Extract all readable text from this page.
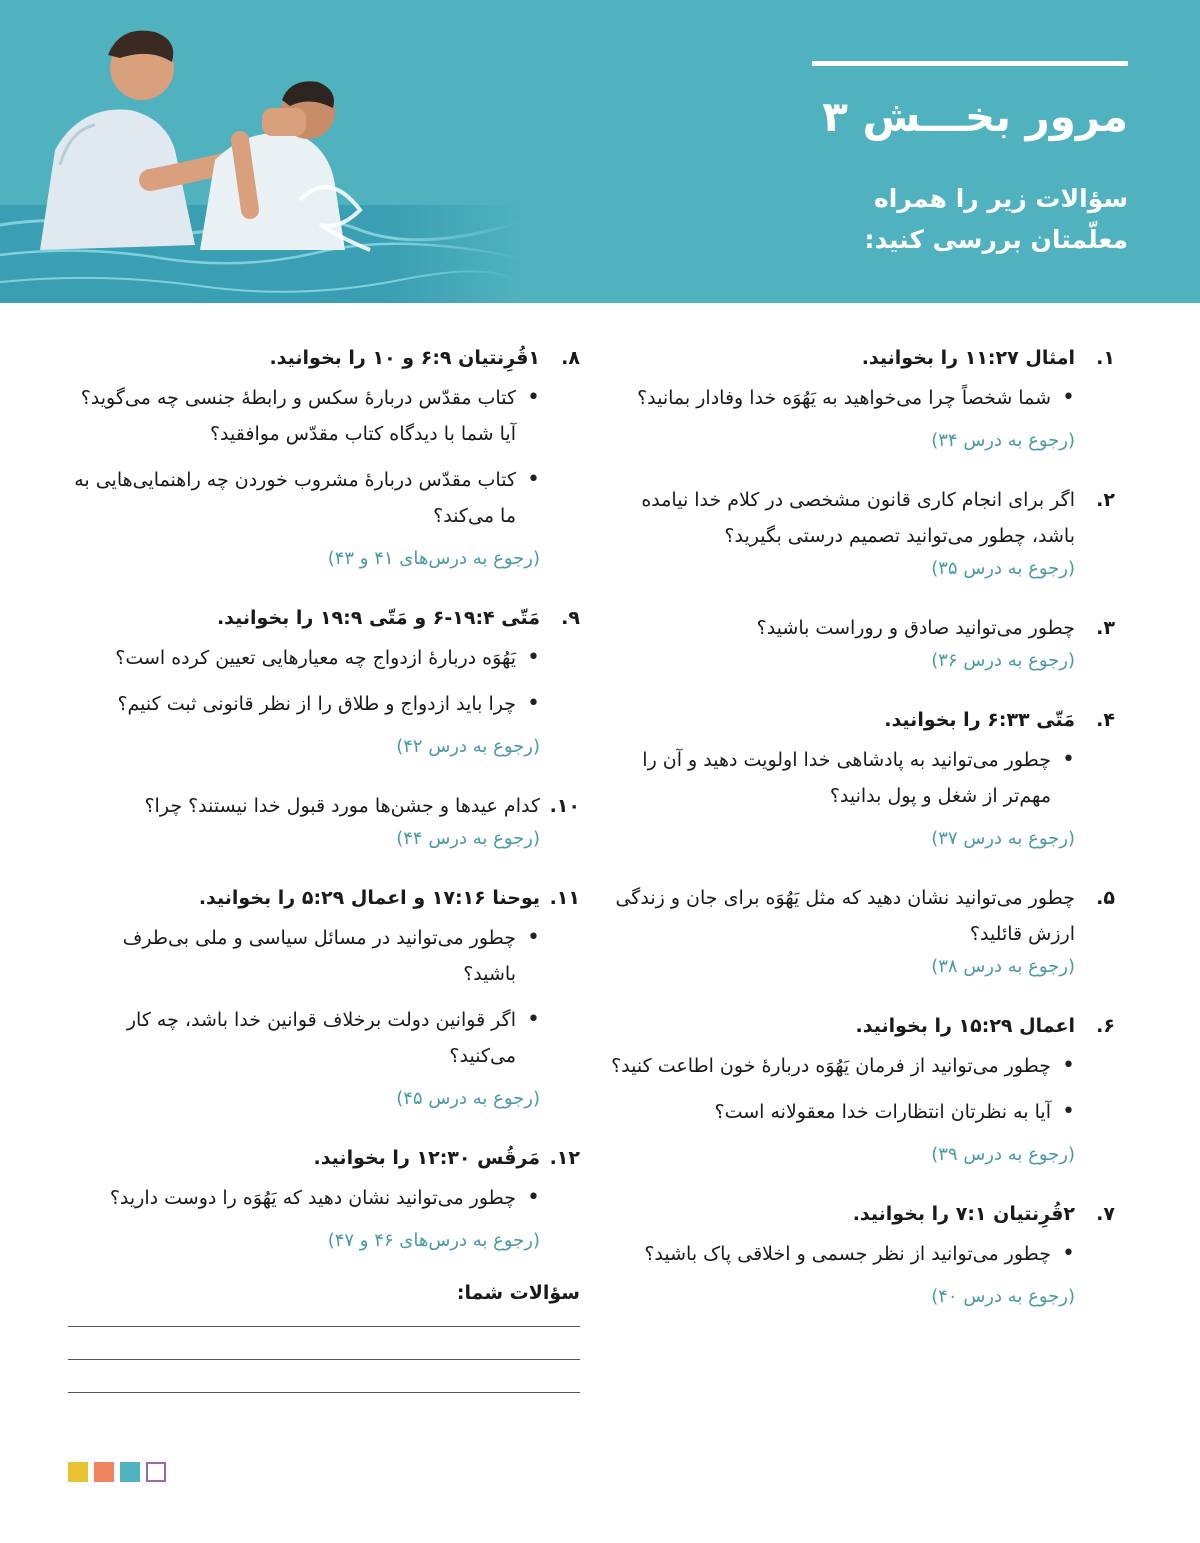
مرور بخـــش ۳
سؤالات زیر را همراه معلّمتان بررسی کنید:
۱.
امثال ۱۱:۲۷ را بخوانید.
• شما شخصاً چرا می‌خواهید به یَهُوَه خدا وفادار بمانید؟
(رجوع به درس ۳۴)
۲.
اگر برای انجام کاری قانون مشخصی در کلام خدا نیامده باشد، چطور می‌توانید تصمیم درستی بگیرید؟
(رجوع به درس ۳۵)
۳.
چطور می‌توانید صادق و روراست باشید؟
(رجوع به درس ۳۶)
۴.
مَتّی ۶:۳۳ را بخوانید.
• چطور می‌توانید به پادشاهی خدا اولویت دهید و آن را مهم‌تر از شغل و پول بدانید؟
(رجوع به درس ۳۷)
۵.
چطور می‌توانید نشان دهید که مثل یَهُوَه برای جان و زندگی ارزش قائلید؟
(رجوع به درس ۳۸)
۶.
اعمال ۱۵:۲۹ را بخوانید.
• چطور می‌توانید از فرمان یَهُوَه دربارهٔ خون اطاعت کنید؟
• آیا به نظرتان انتظارات خدا معقولانه است؟
(رجوع به درس ۳۹)
۷.
۲قُرِنتیان ۷:۱ را بخوانید.
• چطور می‌توانید از نظر جسمی و اخلاقی پاک باشید؟
(رجوع به درس ۴۰)
۸.
۱قُرِنتیان ۶:۹ و ۱۰ را بخوانید.
• کتاب مقدّس دربارهٔ سکس و رابطهٔ جنسی چه می‌گوید؟ آیا شما با دیدگاه کتاب مقدّس موافقید؟
• کتاب مقدّس دربارهٔ مشروب خوردن چه راهنمایی‌هایی به ما می‌کند؟
(رجوع به درس‌های ۴۱ و ۴۳)
۹.
مَتّی ۱۹:۴-۶ و مَتّی ۱۹:۹ را بخوانید.
• یَهُوَه دربارهٔ ازدواج چه معیارهایی تعیین کرده است؟
• چرا باید ازدواج و طلاق را از نظر قانونی ثبت کنیم؟
(رجوع به درس ۴۲)
۱۰.
کدام عیدها و جشن‌ها مورد قبول خدا نیستند؟ چرا؟
(رجوع به درس ۴۴)
۱۱.
یوحنا ۱۷:۱۶ و اعمال ۵:۲۹ را بخوانید.
• چطور می‌توانید در مسائل سیاسی و ملی بی‌طرف باشید؟
• اگر قوانین دولت برخلاف قوانین خدا باشد، چه کار می‌کنید؟
(رجوع به درس ۴۵)
۱۲.
مَرقُس ۱۲:۳۰ را بخوانید.
• چطور می‌توانید نشان دهید که یَهُوَه را دوست دارید؟
(رجوع به درس‌های ۴۶ و ۴۷)
سؤالات شما:
